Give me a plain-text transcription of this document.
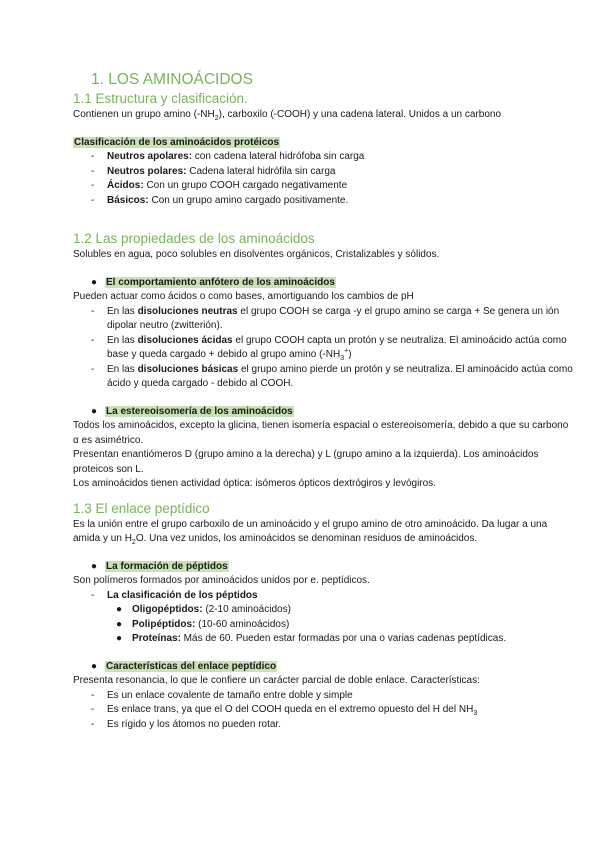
1. LOS AMINOÁCIDOS
1.1 Estructura y clasificación.

Contienen un grupo amino $(-NH_2)$, carboxilo (-COOH) y una cadena lateral. Unidos a un carbono

Clasificación de los aminoácidos protéicos

- Neutros apolares: con cadena lateral hidrófoba sin carga
- Neutros polares: Cadena lateral hidrófila sin carga
- Ácidos: Con un grupo COOH cargado negativamente
- Básicos: Con un grupo amino cargado positivamente.
1.2 Las propiedades de los aminoácidos

Solubles en agua, poco solubles en disolventes orgánicos, Cristalizables y sólidos.

● El comportamiento anfótero de los aminoácidos

Pueden actuar como ácidos o como bases, amortiguando los cambios de pH

- En las disoluciones neutras el grupo COOH se carga -y el grupo amino se carga + Se genera un ión dipolar neutro (zwitterión).
- En las disoluciones ácidas el grupo COOH capta un protón y se neutraliza. El aminoácido actúa como base y queda cargado + debido al grupo amino $(-NH_3^+)$
- En las disoluciones básicas el grupo amino pierde un protón y se neutraliza. El aminoácido actúa como ácido y queda cargado - debido al COOH.

● La estereoisomería de los aminoácidos

Todos los aminoácidos, excepto la glicina, tienen isomería espacial o estereoisomería, debido a que su carbono α es asimétrico.

Presentan enantiómeros D (grupo amino a la derecha) y L (grupo amino a la izquierda). Los aminoácidos proteicos son L.

Los aminoácidos tienen actividad óptica: isómeros ópticos dextrógiros y levógiros.

1.3 El enlace peptídico

Es la unión entre el grupo carboxilo de un aminoácido y el grupo amino de otro aminoácido. Da lugar a una amida y un $H_2O$. Una vez unidos, los aminoácidos se denominan residuos de aminoácidos.

● La formación de péptidos

Son polímeros formados por aminoácidos unidos por e. peptídicos.

- La clasificación de los péptidos
● Oligopéptidos: (2-10 aminoácidos)
● Polipéptidos: (10-60 aminoácidos)
● Proteínas: Más de 60. Pueden estar formadas por una o varias cadenas peptídicas.

● Características del enlace peptídico

Presenta resonancia, lo que le confiere un carácter parcial de doble enlace. Características:

- Es un enlace covalente de tamaño entre doble y simple
- Es enlace trans, ya que el O del COOH queda en el extremo opuesto del H del $NH_3$
- Es rígido y los átomos no pueden rotar.
